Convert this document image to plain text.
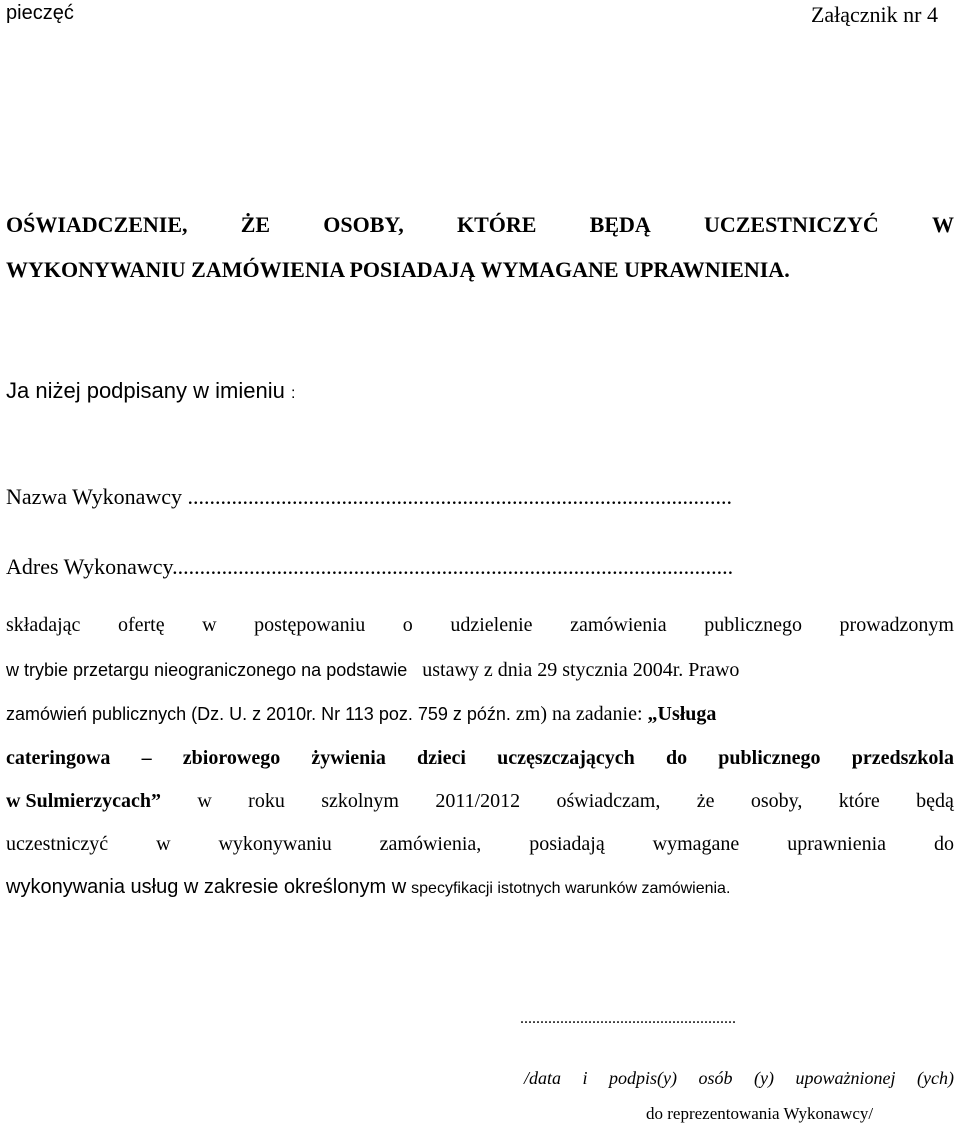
pieczęć	Załącznik nr 4
OŚWIADCZENIE, ŻE OSOBY, KTÓRE BĘDĄ UCZESTNICZYĆ W
WYKONYWANIU ZAMÓWIENIA POSIADAJĄ WYMAGANE UPRAWNIENIA.
Ja niżej podpisany w imieniu :
Nazwa Wykonawcy ...................................................................................................
Adres Wykonawcy......................................................................................................
składając ofertę w postępowaniu o udzielenie zamówienia publicznego prowadzonym
w trybie przetargu nieograniczonego na podstawie ustawy z dnia 29 stycznia 2004r. Prawo
zamówień publicznych (Dz. U. z 2010r. Nr 113 poz. 759 z późn. zm) na zadanie: „Usługa
cateringowa – zbiorowego żywienia dzieci uczęszczających do publicznego przedszkola
w Sulmierzycach” w roku szkolnym 2011/2012 oświadczam, że osoby, które będą
uczestniczyć w wykonywaniu zamówienia, posiadają wymagane uprawnienia do
wykonywania usług w zakresie określonym w specyfikacji istotnych warunków zamówienia.
......................................................
/data i podpis(y) osób (y) upoważnionej (ych)
do reprezentowania Wykonawcy/
